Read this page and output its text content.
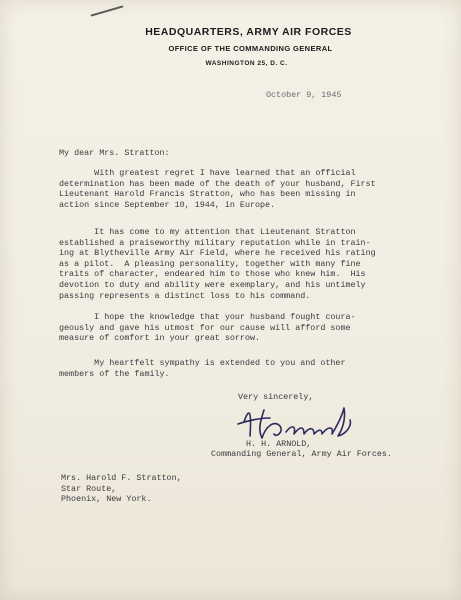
HEADQUARTERS, ARMY AIR FORCES
OFFICE OF THE COMMANDING GENERAL
WASHINGTON 25, D. C.
October 9, 1945
My dear Mrs. Stratton:
With greatest regret I have learned that an official
determination has been made of the death of your husband, First
Lieutenant Harold Francis Stratton, who has been missing in
action since September 10, 1944, in Europe.
It has come to my attention that Lieutenant Stratton
established a praiseworthy military reputation while in train-
ing at Blytheville Army Air Field, where he received his rating
as a pilot.  A pleasing personality, together with many fine
traits of character, endeared him to those who knew him.  His
devotion to duty and ability were exemplary, and his untimely
passing represents a distinct loss to his command.
I hope the knowledge that your husband fought coura-
geously and gave his utmost for our cause will afford some
measure of comfort in your great sorrow.
My heartfelt sympathy is extended to you and other
members of the family.
Very sincerely,
H. H. ARNOLD,
Commanding General, Army Air Forces.
Mrs. Harold F. Stratton,
Star Route,
Phoenix, New York.
